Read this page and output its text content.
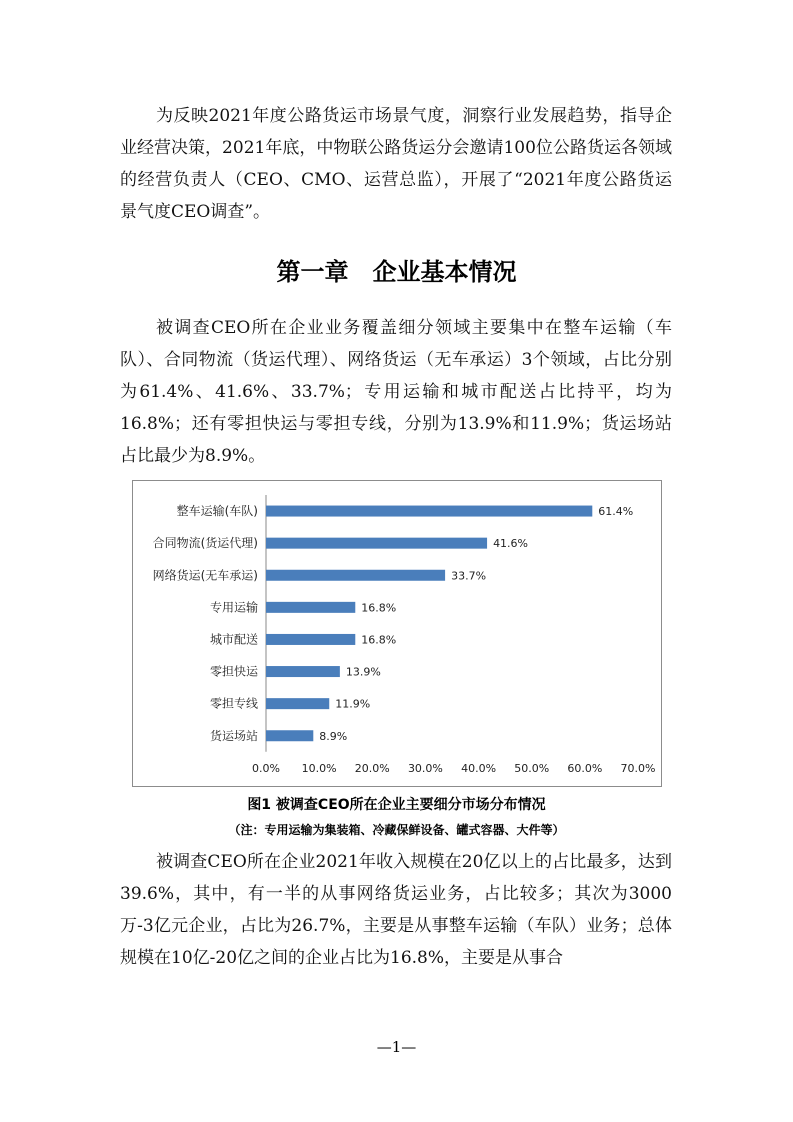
为反映2021年度公路货运市场景气度，洞察行业发展趋势，指导企业经营决策，2021年底，中物联公路货运分会邀请100位公路货运各领域的经营负责人（CEO、CMO、运营总监），开展了“2021年度公路货运景气度CEO调查”。

第一章　企业基本情况

被调查CEO所在企业业务覆盖细分领域主要集中在整车运输（车队）、合同物流（货运代理）、网络货运（无车承运）3个领域，占比分别为61.4%、41.6%、33.7%；专用运输和城市配送占比持平，均为16.8%；还有零担快运与零担专线，分别为13.9%和11.9%；货运场站占比最少为8.9%。

整车运输(车队)	61.4%
合同物流(货运代理)	41.6%
网络货运(无车承运)	33.7%
专用运输	16.8%
城市配送	16.8%
零担快运	13.9%
零担专线	11.9%
货运场站	8.9%
0.0% 10.0% 20.0% 30.0% 40.0% 50.0% 60.0% 70.0%

图1 被调查CEO所在企业主要细分市场分布情况

（注：专用运输为集装箱、冷藏保鲜设备、罐式容器、大件等）

被调查CEO所在企业2021年收入规模在20亿以上的占比最多，达到39.6%，其中，有一半的从事网络货运业务，占比较多；其次为3000万-3亿元企业，占比为26.7%，主要是从事整车运输（车队）业务；总体规模在10亿-20亿之间的企业占比为16.8%，主要是从事合

—1—
